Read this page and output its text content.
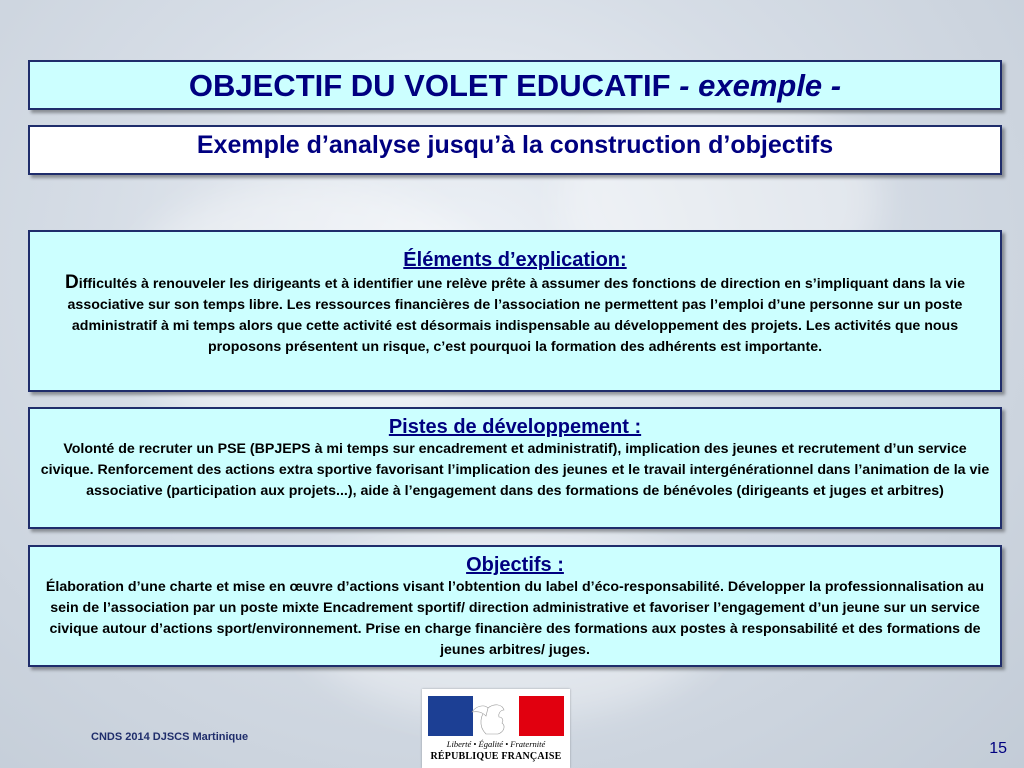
OBJECTIF DU VOLET EDUCATIF - exemple -
Exemple d’analyse jusqu’à la construction d’objectifs

Éléments d’explication:

Difficultés à renouveler les dirigeants et à identifier une relève prête à assumer des fonctions de direction en s’impliquant dans la vie associative sur son temps libre. Les ressources financières de l’association ne permettent pas l’emploi d’une personne sur un poste administratif à mi temps alors que cette activité est désormais indispensable au développement des projets. Les activités que nous proposons présentent un risque, c’est pourquoi la formation des adhérents est importante.

Pistes de développement :

Volonté de recruter un PSE (BPJEPS à mi temps sur encadrement et administratif), implication des jeunes et recrutement d’un service civique. Renforcement des actions extra sportive favorisant l’implication des jeunes et le travail intergénérationnel dans l’animation de la vie associative (participation aux projets...), aide à l’engagement dans des formations de bénévoles (dirigeants et juges et arbitres)

Objectifs :

Élaboration d’une charte et mise en œuvre d’actions visant l’obtention du label d’éco-responsabilité. Développer la professionnalisation au sein de l’association par un poste mixte Encadrement sportif/ direction administrative et favoriser l’engagement d’un jeune sur un service civique autour d’actions sport/environnement. Prise en charge financière des formations aux postes à responsabilité et des formations de jeunes arbitres/ juges.

Liberté • Égalité • Fraternité
RÉPUBLIQUE FRANÇAISE
CNDS 2014 DJSCS Martinique
15
